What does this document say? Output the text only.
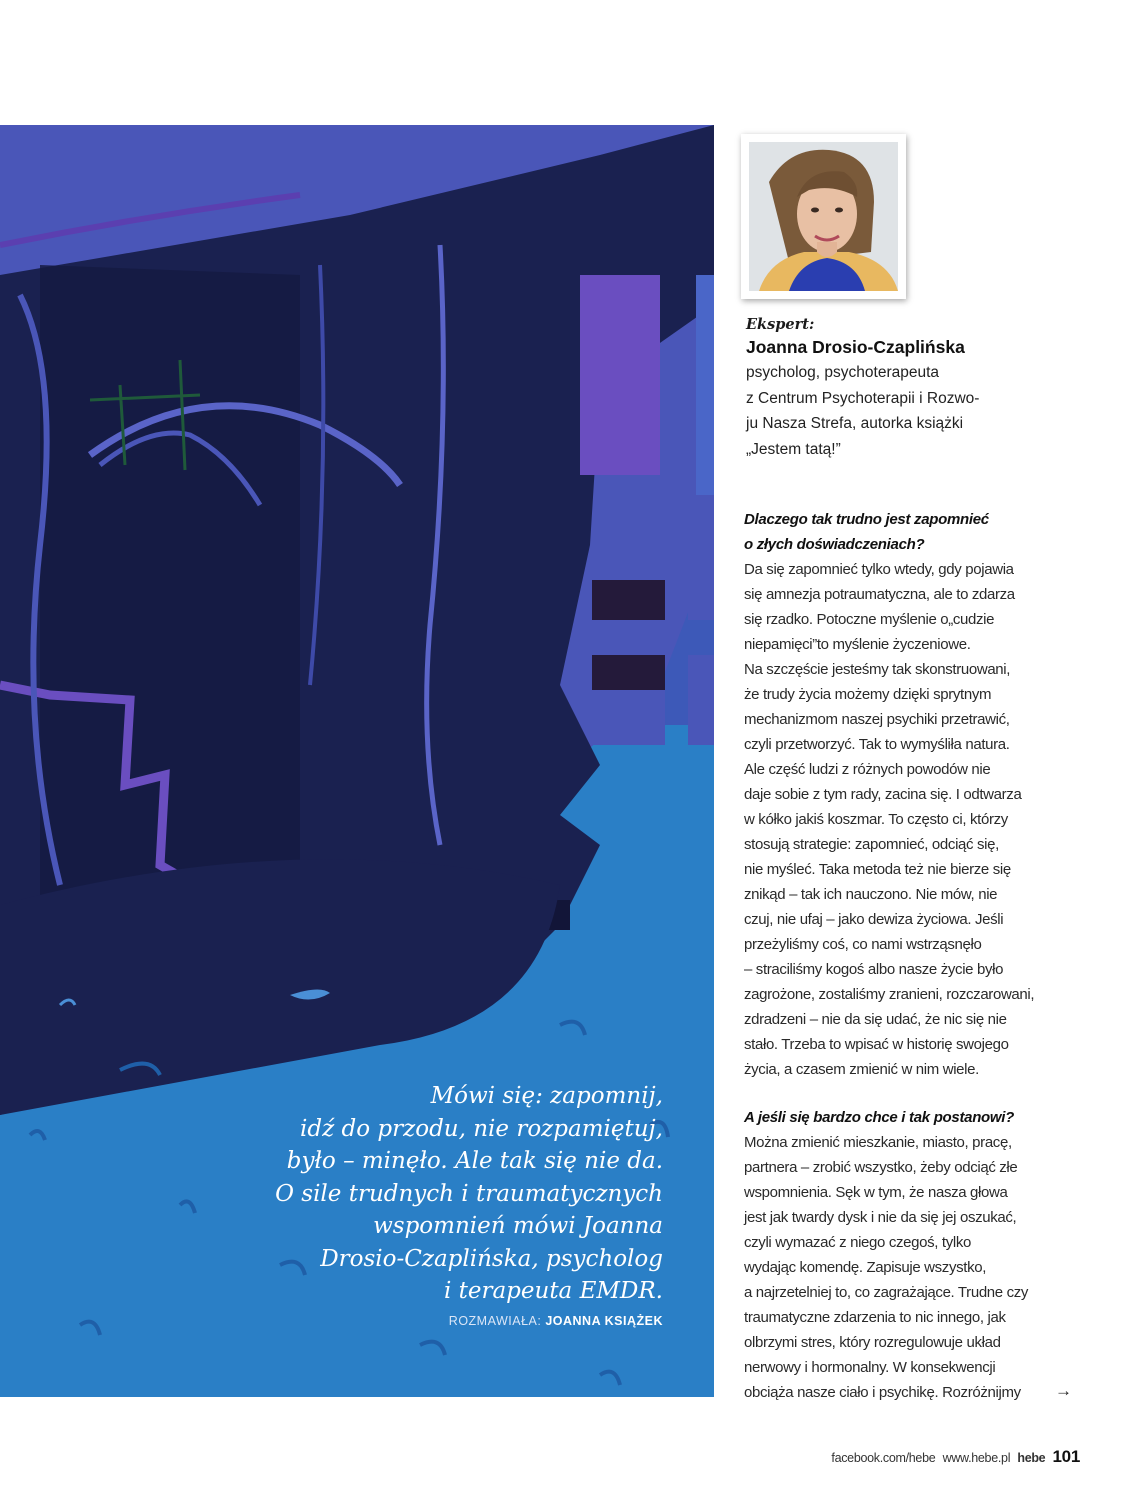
Mówi się: zapomnij,
idź do przodu, nie rozpamiętuj,
było – minęło. Ale tak się nie da.
O sile trudnych i traumatycznych
wspomnień mówi Joanna
Drosio-Czaplińska, psycholog
i terapeuta EMDR.

ROZMAWIAŁA: JOANNA KSIĄŻEK
Ekspert:
Joanna Drosio-Czaplińska
psycholog, psychoterapeuta
z Centrum Psychoterapii i Rozwo-
ju Nasza Strefa, autorka książki
„Jestem tatą!”

Dlaczego tak trudno jest zapomnieć
o złych doświadczeniach?

Da się zapomnieć tylko wtedy, gdy pojawia
się amnezja potraumatyczna, ale to zdarza
się rzadko. Potoczne myślenie o„cudzie
niepamięci”to myślenie życzeniowe.
Na szczęście jesteśmy tak skonstruowani,
że trudy życia możemy dzięki sprytnym
mechanizmom naszej psychiki przetrawić,
czyli przetworzyć. Tak to wymyśliła natura.
Ale część ludzi z różnych powodów nie
daje sobie z tym rady, zacina się. I odtwarza
w kółko jakiś koszmar. To często ci, którzy
stosują strategie: zapomnieć, odciąć się,
nie myśleć. Taka metoda też nie bierze się
znikąd – tak ich nauczono. Nie mów, nie
czuj, nie ufaj – jako dewiza życiowa. Jeśli
przeżyliśmy coś, co nami wstrząsnęło
– straciliśmy kogoś albo nasze życie było
zagrożone, zostaliśmy zranieni, rozczarowani,
zdradzeni – nie da się udać, że nic się nie
stało. Trzeba to wpisać w historię swojego
życia, a czasem zmienić w nim wiele.

A jeśli się bardzo chce i tak postanowi?

Można zmienić mieszkanie, miasto, pracę,
partnera – zrobić wszystko, żeby odciąć złe
wspomnienia. Sęk w tym, że nasza głowa
jest jak twardy dysk i nie da się jej oszukać,
czyli wymazać z niego czegoś, tylko
wydając komendę. Zapisuje wszystko,
a najrzetelniej to, co zagrażające. Trudne czy
traumatyczne zdarzenia to nic innego, jak
olbrzymi stres, który rozregulowuje układ
nerwowy i hormonalny. W konsekwencji
obciąża nasze ciało i psychikę. Rozróżnijmy	→
facebook.com/hebe www.hebe.pl hebe 101
